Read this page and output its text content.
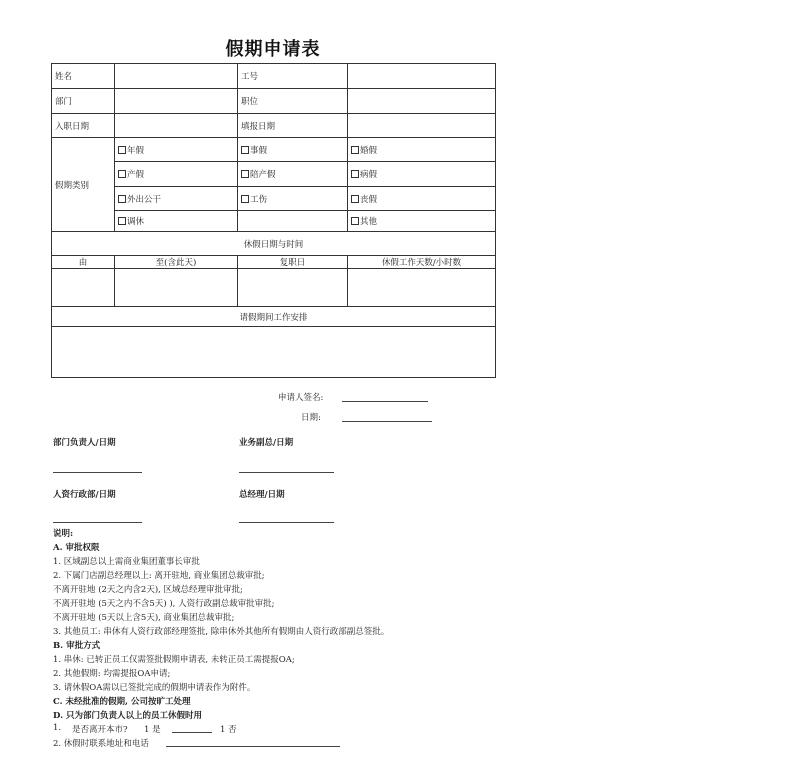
假期申请表
姓名		工号	
部门		职位	
入职日期		填报日期	
假期类别	年假	事假	婚假
	产假	陪产假	病假
	外出公干	工伤	丧假
	调休		其他
休假日期与时间			
由	至(含此天)	复职日	休假工作天数/小时数

请假期间工作安排			

申请人签名:
日期:
部门负责人/日期	业务副总/日期
人资行政部/日期	总经理/日期
说明:
A. 审批权限
1. 区域副总以上需商业集团董事长审批
2. 下属门店副总经理以上: 离开驻地, 商业集团总裁审批;
不离开驻地 (2天之内含2天), 区域总经理审批审批;
不离开驻地 (5天之内不含5天) ), 人资行政副总裁审批审批;
不离开驻地 (5天以上含5天), 商业集团总裁审批;
3. 其他员工: 串休有人资行政部经理签批, 除串休外其他所有假期由人资行政部副总签批。
B. 审批方式
1. 串休: 已转正员工仅需签批假期申请表, 未转正员工需提报OA;
2. 其他假期: 均需提报OA申请;
3. 请休假OA需以已签批完成的假期申请表作为附件。
C. 未经批准的假期, 公司按旷工处理
D. 只为部门负责人以上的员工休假时用
1. 是否离开本市? 1 是	1 否
2. 休假时联系地址和电话
